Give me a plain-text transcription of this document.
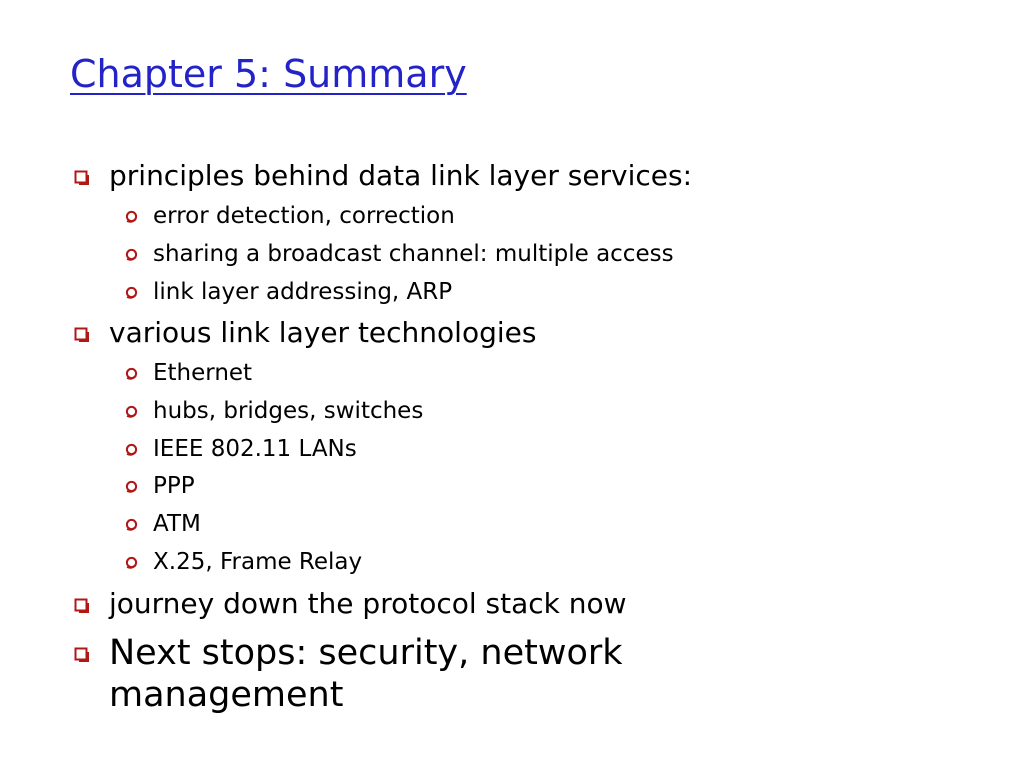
Chapter 5: Summary
principles behind data link layer services:
error detection, correction
sharing a broadcast channel: multiple access
link layer addressing, ARP
various link layer technologies
Ethernet
hubs, bridges, switches
IEEE 802.11 LANs
PPP
ATM
X.25, Frame Relay
journey down the protocol stack now
Next stops: security, network management
